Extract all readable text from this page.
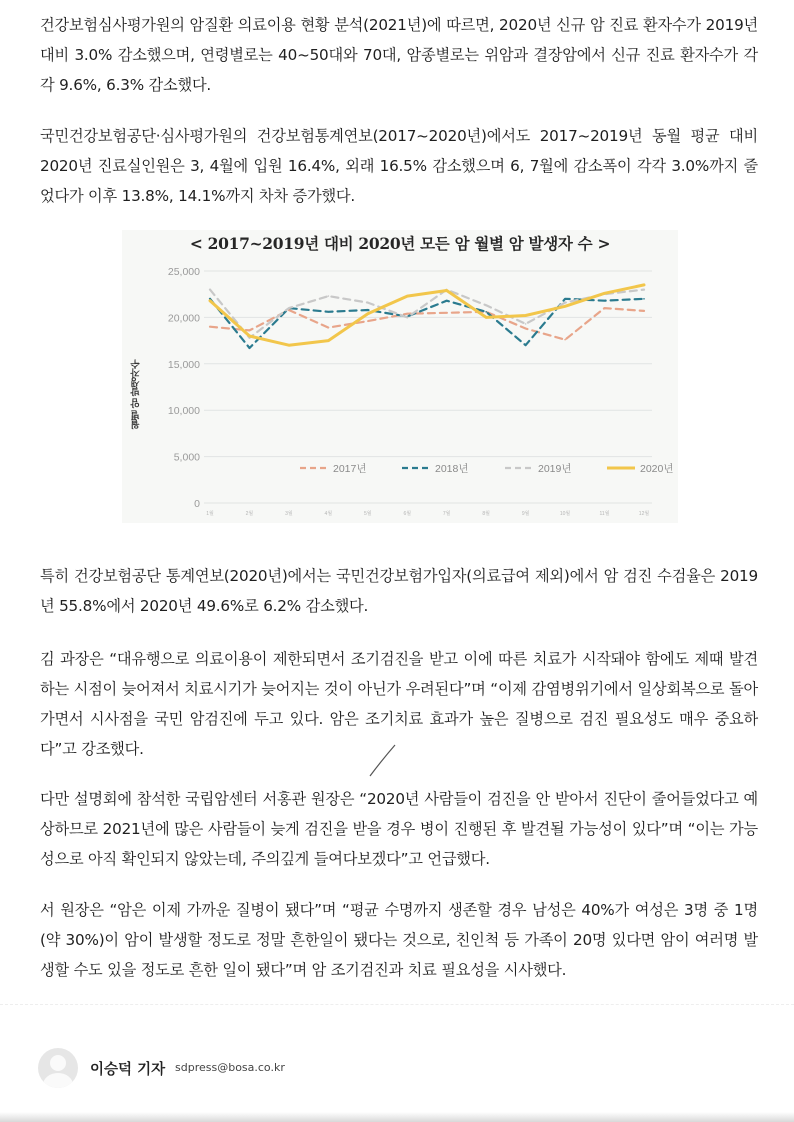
건강보험심사평가원의 암질환 의료이용 현황 분석(2021년)에 따르면, 2020년 신규 암 진료 환자수가 2019년 대비 3.0% 감소했으며, 연령별로는 40~50대와 70대, 암종별로는 위암과 결장암에서 신규 진료 환자수가 각각 9.6%, 6.3% 감소했다.

국민건강보험공단·심사평가원의 건강보험통계연보(2017~2020년)에서도 2017~2019년 동월 평균 대비 2020년 진료실인원은 3, 4월에 입원 16.4%, 외래 16.5% 감소했으며 6, 7월에 감소폭이 각각 3.0%까지 줄었다가 이후 13.8%, 14.1%까지 차차 증가했다.

< 2017~2019년 대비 2020년 모든 암 월별 암 발생자 수 >
월별 암 발생자수
0
5,000
10,000
15,000
20,000
25,000
1월	2월	3월	4월	5월	6월	7월	8월	9월	10월	11월	12월
2017년	2018년	2019년	2020년

특히 건강보험공단 통계연보(2020년)에서는 국민건강보험가입자(의료급여 제외)에서 암 검진 수검율은 2019년 55.8%에서 2020년 49.6%로 6.2% 감소했다.

김 과장은 “대유행으로 의료이용이 제한되면서 조기검진을 받고 이에 따른 치료가 시작돼야 함에도 제때 발견하는 시점이 늦어져서 치료시기가 늦어지는 것이 아닌가 우려된다”며 “이제 감염병위기에서 일상회복으로 돌아가면서 시사점을 국민 암검진에 두고 있다. 암은 조기치료 효과가 높은 질병으로 검진 필요성도 매우 중요하다”고 강조했다.

다만 설명회에 참석한 국립암센터 서홍관 원장은 “2020년 사람들이 검진을 안 받아서 진단이 줄어들었다고 예상하므로 2021년에 많은 사람들이 늦게 검진을 받을 경우 병이 진행된 후 발견될 가능성이 있다”며 “이는 가능성으로 아직 확인되지 않았는데, 주의깊게 들여다보겠다”고 언급했다.

서 원장은 “암은 이제 가까운 질병이 됐다”며 “평균 수명까지 생존할 경우 남성은 40%가 여성은 3명 중 1명(약 30%)이 암이 발생할 정도로 정말 흔한일이 됐다는 것으로, 친인척 등 가족이 20명 있다면 암이 여러명 발생할 수도 있을 정도로 흔한 일이 됐다”며 암 조기검진과 치료 필요성을 시사했다.

이승덕 기자 sdpress@bosa.co.kr
